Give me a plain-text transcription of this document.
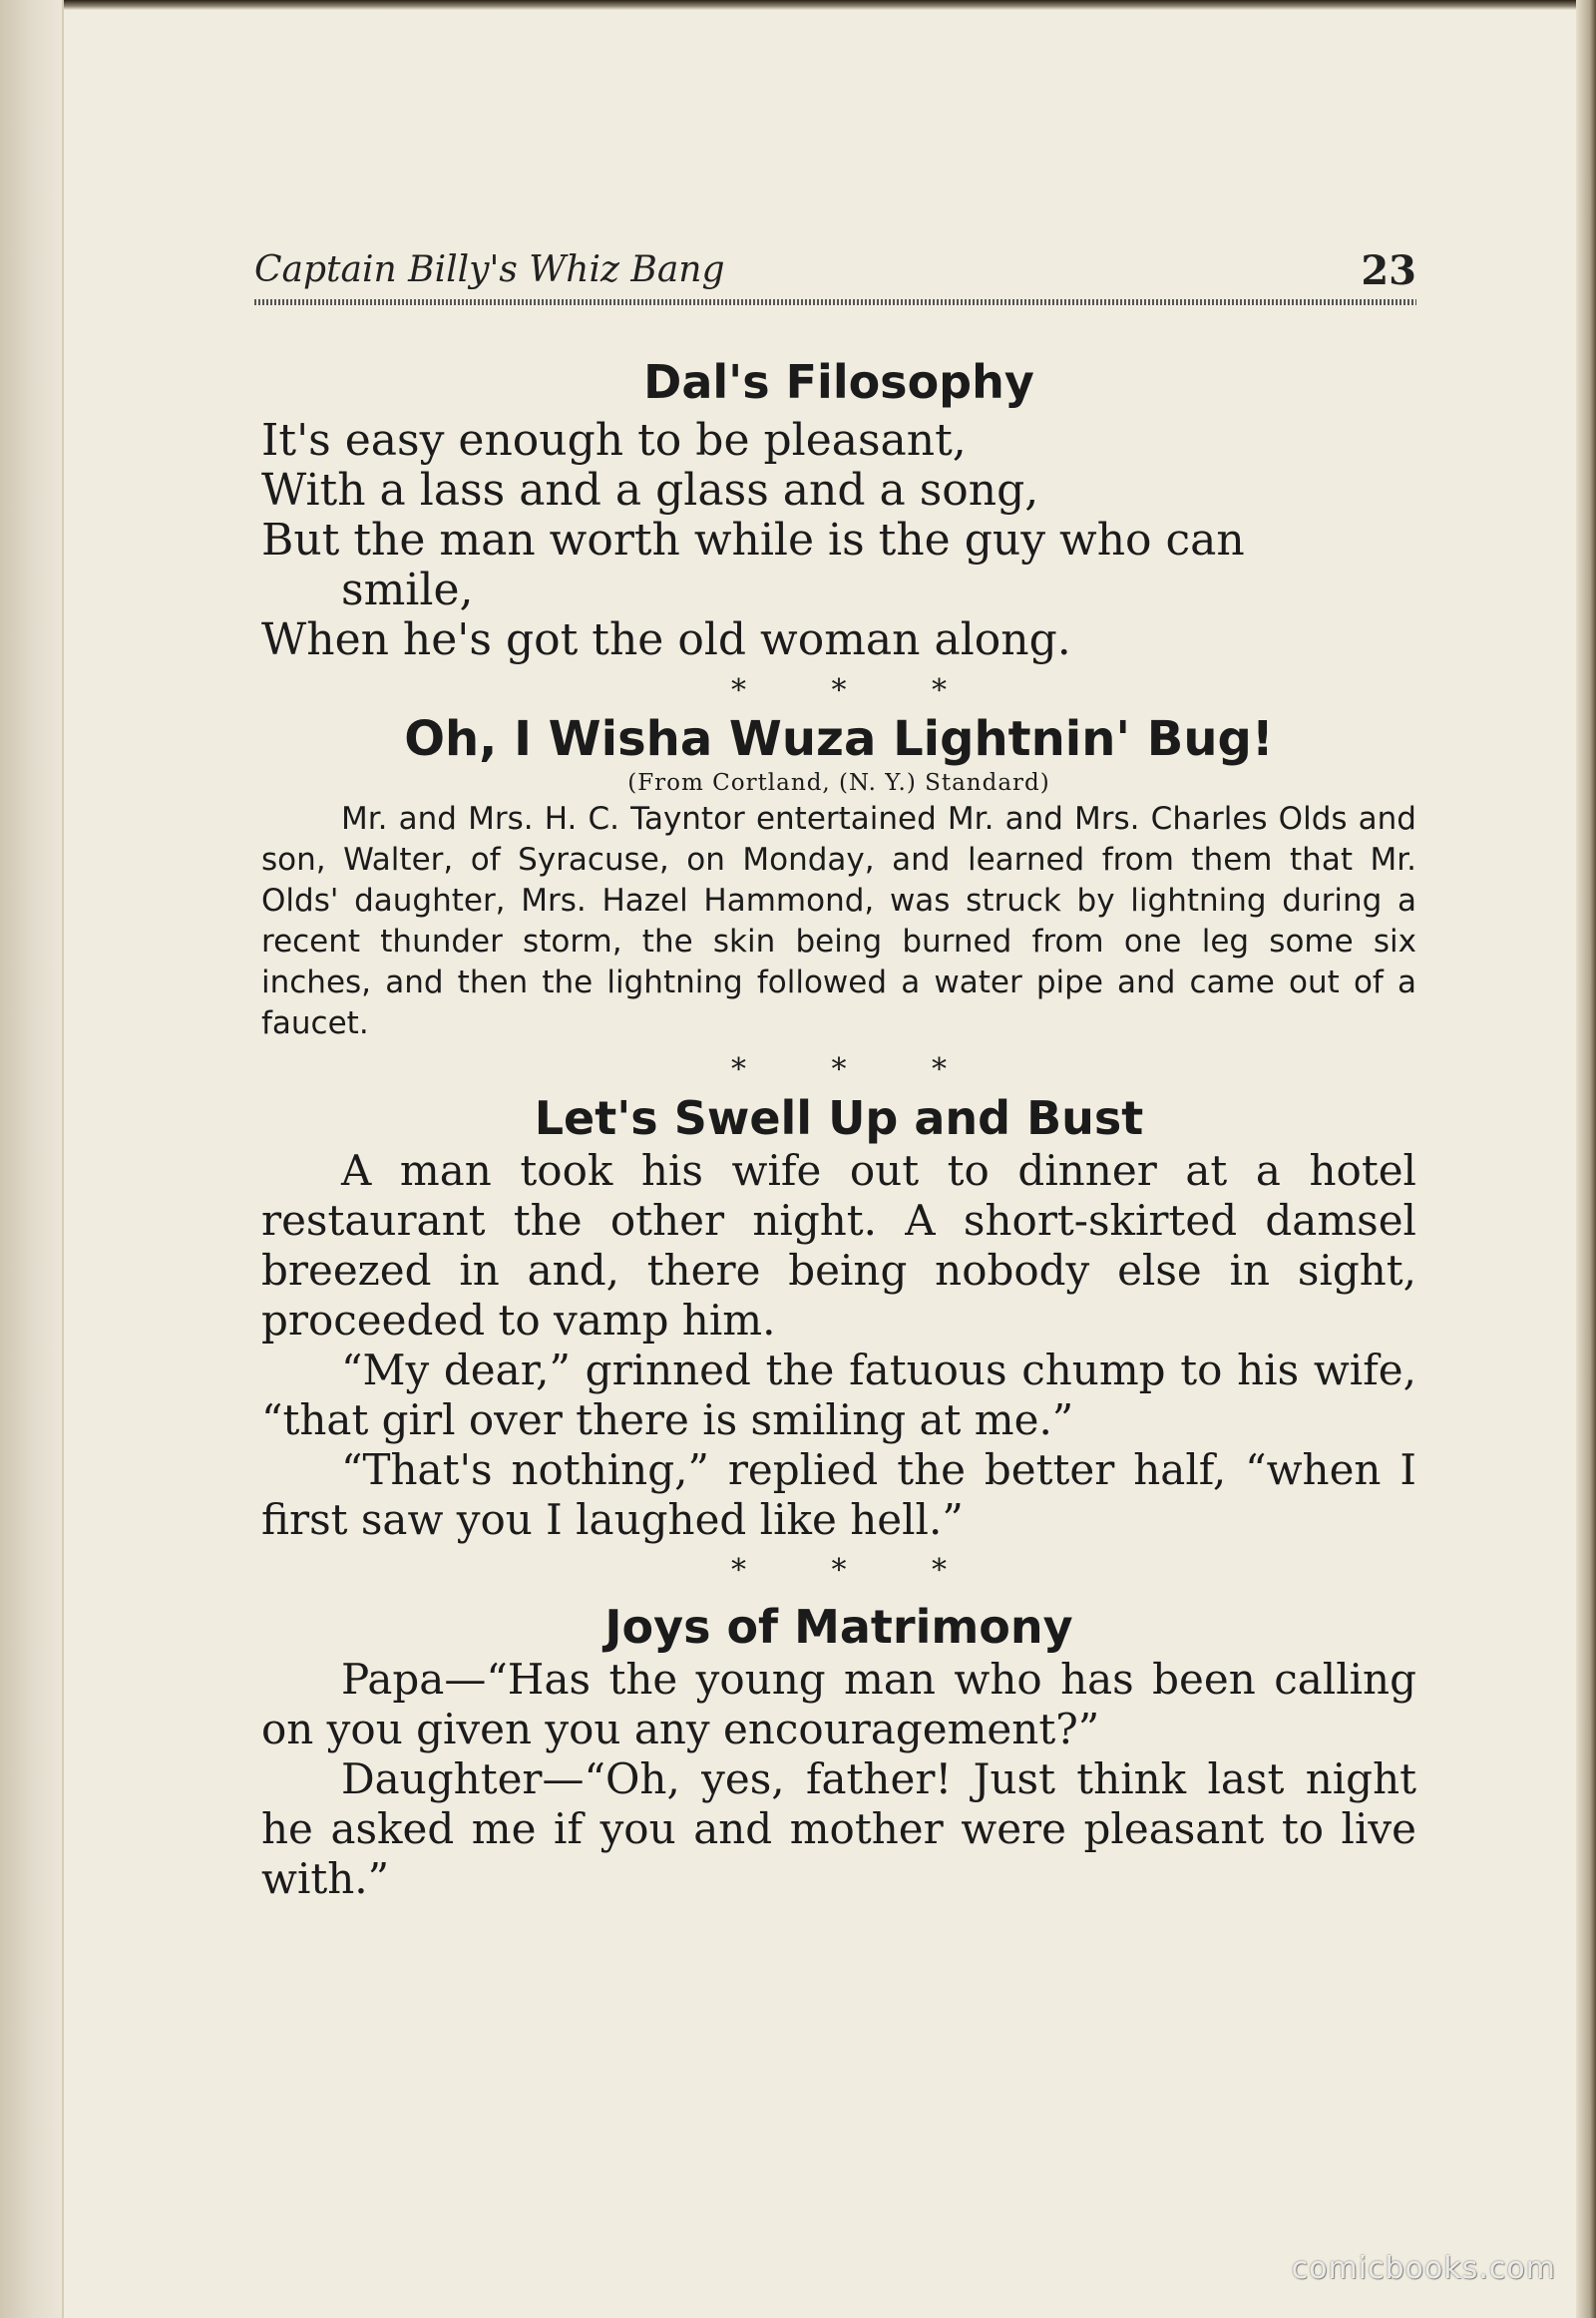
Captain Billy's Whiz Bang	23
Dal's Filosophy
It's easy enough to be pleasant,
With a lass and a glass and a song,
But the man worth while is the guy who can
smile,
When he's got the old woman along.
* * *
Oh, I Wisha Wuza Lightnin' Bug!
(From Cortland, (N. Y.) Standard)

Mr. and Mrs. H. C. Tayntor entertained Mr. and Mrs. Charles Olds and son, Walter, of Syracuse, on Monday, and learned from them that Mr. Olds' daughter, Mrs. Hazel Hammond, was struck by lightning during a recent thunder storm, the skin being burned from one leg some six inches, and then the lightning followed a water pipe and came out of a faucet.

* * *
Let's Swell Up and Bust

A man took his wife out to dinner at a hotel restaurant the other night. A short-skirted damsel breezed in and, there being nobody else in sight, proceeded to vamp him.

“My dear,” grinned the fatuous chump to his wife, “that girl over there is smiling at me.”

“That's nothing,” replied the better half, “when I first saw you I laughed like hell.”

* * *
Joys of Matrimony

Papa—“Has the young man who has been calling on you given you any encouragement?”

Daughter—“Oh, yes, father! Just think last night he asked me if you and mother were pleasant to live with.”

comicbooks.com
